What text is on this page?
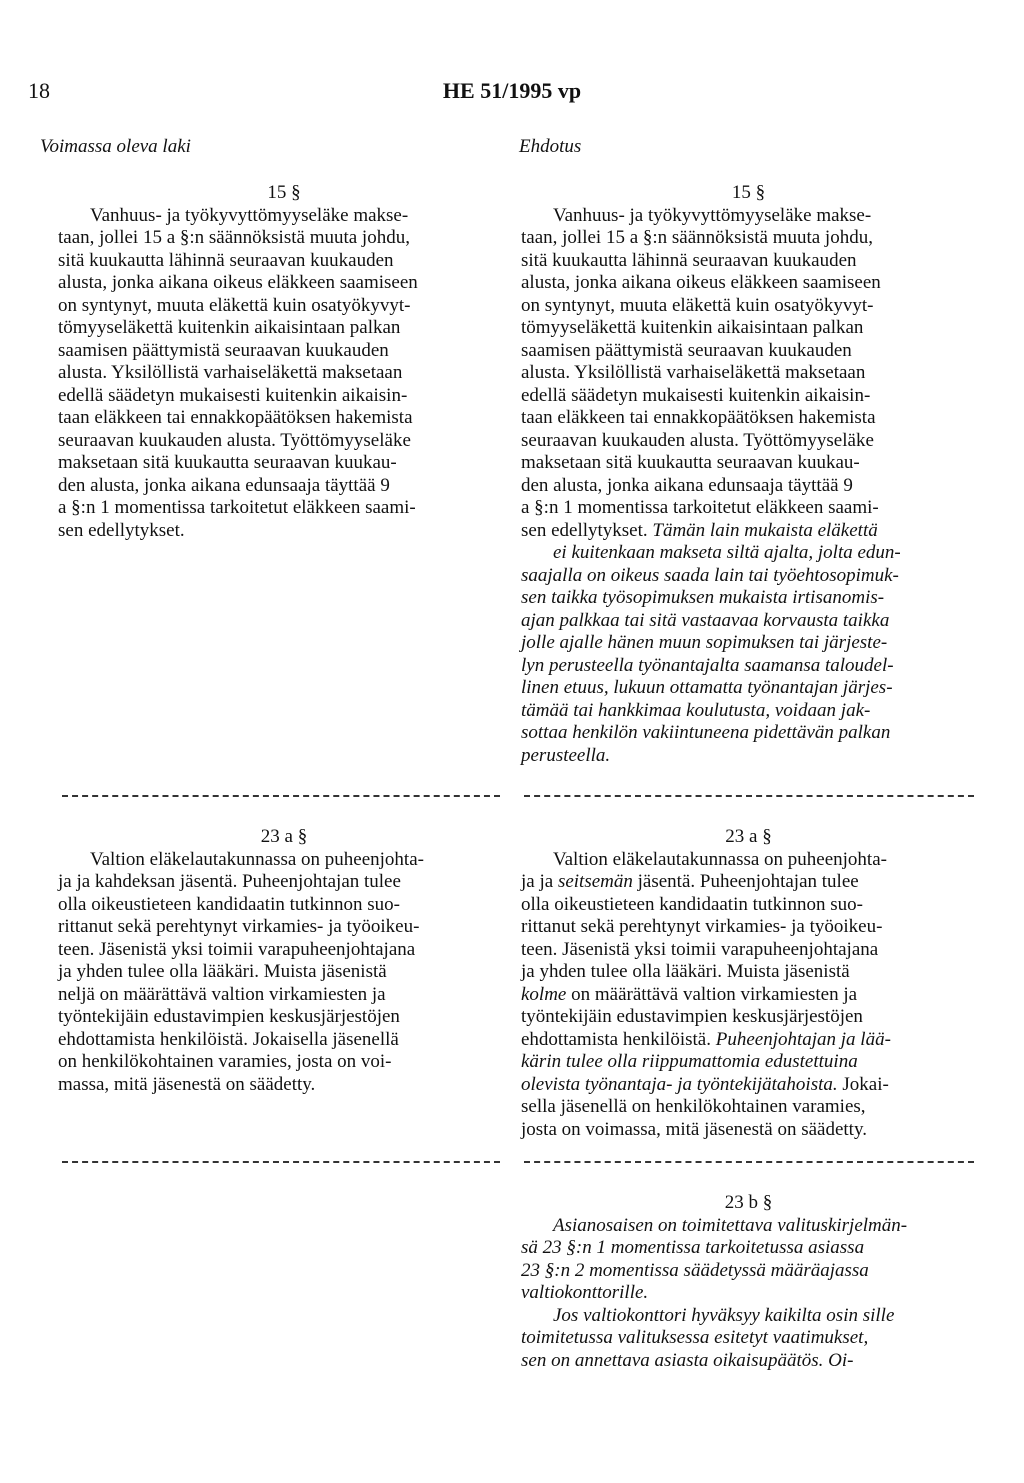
18	HE 51/1995 vp
Voimassa oleva laki	Ehdotus

15 §

Vanhuus- ja työkyvyttömyyseläke makse-

taan, jollei 15 a §:n säännöksistä muuta johdu,

sitä kuukautta lähinnä seuraavan kuukauden

alusta, jonka aikana oikeus eläkkeen saamiseen

on syntynyt, muuta eläkettä kuin osatyökyvyt-

tömyyseläkettä kuitenkin aikaisintaan palkan

saamisen päättymistä seuraavan kuukauden

alusta. Yksilöllistä varhaiseläkettä maksetaan

edellä säädetyn mukaisesti kuitenkin aikaisin-

taan eläkkeen tai ennakkopäätöksen hakemista

seuraavan kuukauden alusta. Työttömyyseläke

maksetaan sitä kuukautta seuraavan kuukau-

den alusta, jonka aikana edunsaaja täyttää 9

a §:n 1 momentissa tarkoitetut eläkkeen saami-

sen edellytykset.

23 a §

Valtion eläkelautakunnassa on puheenjohta-

ja ja kahdeksan jäsentä. Puheenjohtajan tulee

olla oikeustieteen kandidaatin tutkinnon suo-

rittanut sekä perehtynyt virkamies- ja työoikeu-

teen. Jäsenistä yksi toimii varapuheenjohtajana

ja yhden tulee olla lääkäri. Muista jäsenistä

neljä on määrättävä valtion virkamiesten ja

työntekijäin edustavimpien keskusjärjestöjen

ehdottamista henkilöistä. Jokaisella jäsenellä

on henkilökohtainen varamies, josta on voi-

massa, mitä jäsenestä on säädetty.

15 §

Vanhuus- ja työkyvyttömyyseläke makse-

taan, jollei 15 a §:n säännöksistä muuta johdu,

sitä kuukautta lähinnä seuraavan kuukauden

alusta, jonka aikana oikeus eläkkeen saamiseen

on syntynyt, muuta eläkettä kuin osatyökyvyt-

tömyyseläkettä kuitenkin aikaisintaan palkan

saamisen päättymistä seuraavan kuukauden

alusta. Yksilöllistä varhaiseläkettä maksetaan

edellä säädetyn mukaisesti kuitenkin aikaisin-

taan eläkkeen tai ennakkopäätöksen hakemista

seuraavan kuukauden alusta. Työttömyyseläke

maksetaan sitä kuukautta seuraavan kuukau-

den alusta, jonka aikana edunsaaja täyttää 9

a §:n 1 momentissa tarkoitetut eläkkeen saami-

sen edellytykset. Tämän lain mukaista eläkettä

ei kuitenkaan makseta siltä ajalta, jolta edun-

saajalla on oikeus saada lain tai työehtosopimuk-

sen taikka työsopimuksen mukaista irtisanomis-

ajan palkkaa tai sitä vastaavaa korvausta taikka

jolle ajalle hänen muun sopimuksen tai järjeste-

lyn perusteella työnantajalta saamansa taloudel-

linen etuus, lukuun ottamatta työnantajan järjes-

tämää tai hankkimaa koulutusta, voidaan jak-

sottaa henkilön vakiintuneena pidettävän palkan

perusteella.

23 a §

Valtion eläkelautakunnassa on puheenjohta-

ja ja seitsemän jäsentä. Puheenjohtajan tulee

olla oikeustieteen kandidaatin tutkinnon suo-

rittanut sekä perehtynyt virkamies- ja työoikeu-

teen. Jäsenistä yksi toimii varapuheenjohtajana

ja yhden tulee olla lääkäri. Muista jäsenistä

kolme on määrättävä valtion virkamiesten ja

työntekijäin edustavimpien keskusjärjestöjen

ehdottamista henkilöistä. Puheenjohtajan ja lää-

kärin tulee olla riippumattomia edustettuina

olevista työnantaja- ja työntekijätahoista. Jokai-

sella jäsenellä on henkilökohtainen varamies,

josta on voimassa, mitä jäsenestä on säädetty.

23 b §

Asianosaisen on toimitettava valituskirjelmän-

sä 23 §:n 1 momentissa tarkoitetussa asiassa

23 §:n 2 momentissa säädetyssä määräajassa

valtiokonttorille.

Jos valtiokonttori hyväksyy kaikilta osin sille

toimitetussa valituksessa esitetyt vaatimukset,

sen on annettava asiasta oikaisupäätös. Oi-
